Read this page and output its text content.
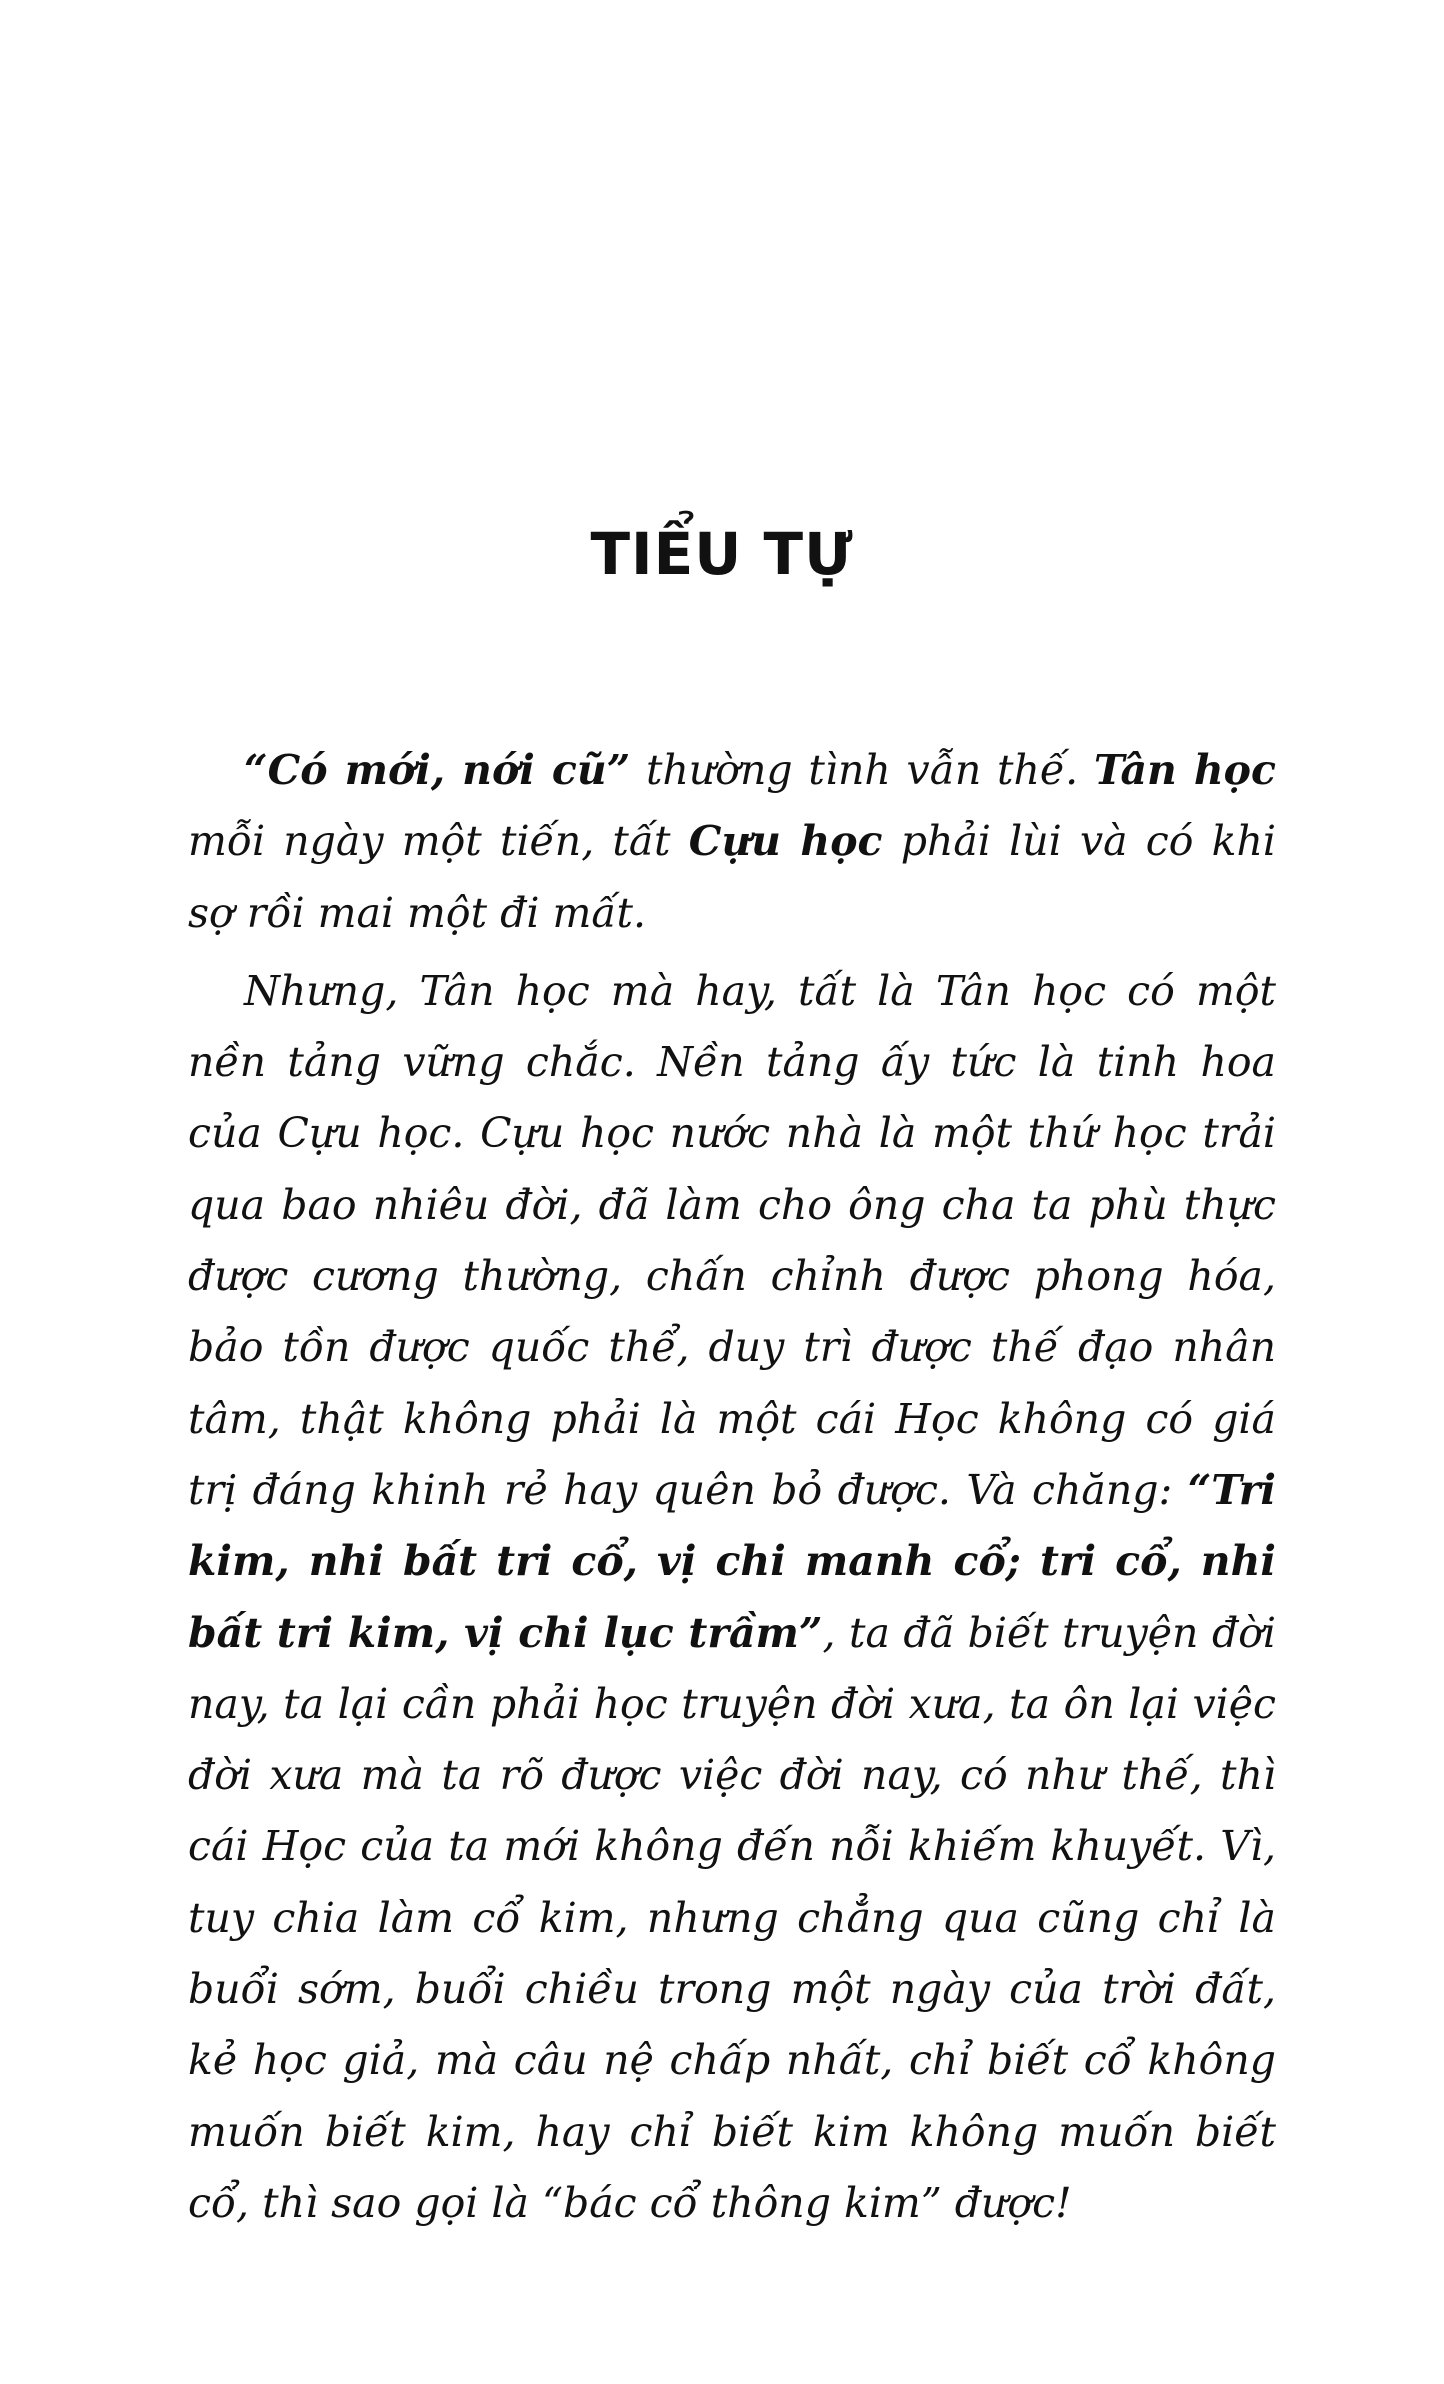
TIỂU TỰ

“Có mới, nới cũ” thường tình vẫn thế. Tân học mỗi ngày một tiến, tất Cựu học phải lùi và có khi sợ rồi mai một đi mất.

Nhưng, Tân học mà hay, tất là Tân học có một nền tảng vững chắc. Nền tảng ấy tức là tinh hoa của Cựu học. Cựu học nước nhà là một thứ học trải qua bao nhiêu đời, đã làm cho ông cha ta phù thực được cương thường, chấn chỉnh được phong hóa, bảo tồn được quốc thể, duy trì được thế đạo nhân tâm, thật không phải là một cái Học không có giá trị đáng khinh rẻ hay quên bỏ được. Và chăng: “Tri kim, nhi bất tri cổ, vị chi manh cổ; tri cổ, nhi bất tri kim, vị chi lục trầm”, ta đã biết truyện đời nay, ta lại cần phải học truyện đời xưa, ta ôn lại việc đời xưa mà ta rõ được việc đời nay, có như thế, thì cái Học của ta mới không đến nỗi khiếm khuyết. Vì, tuy chia làm cổ kim, nhưng chẳng qua cũng chỉ là buổi sớm, buổi chiều trong một ngày của trời đất, kẻ học giả, mà câu nệ chấp nhất, chỉ biết cổ không muốn biết kim, hay chỉ biết kim không muốn biết cổ, thì sao gọi là “bác cổ thông kim” được!
